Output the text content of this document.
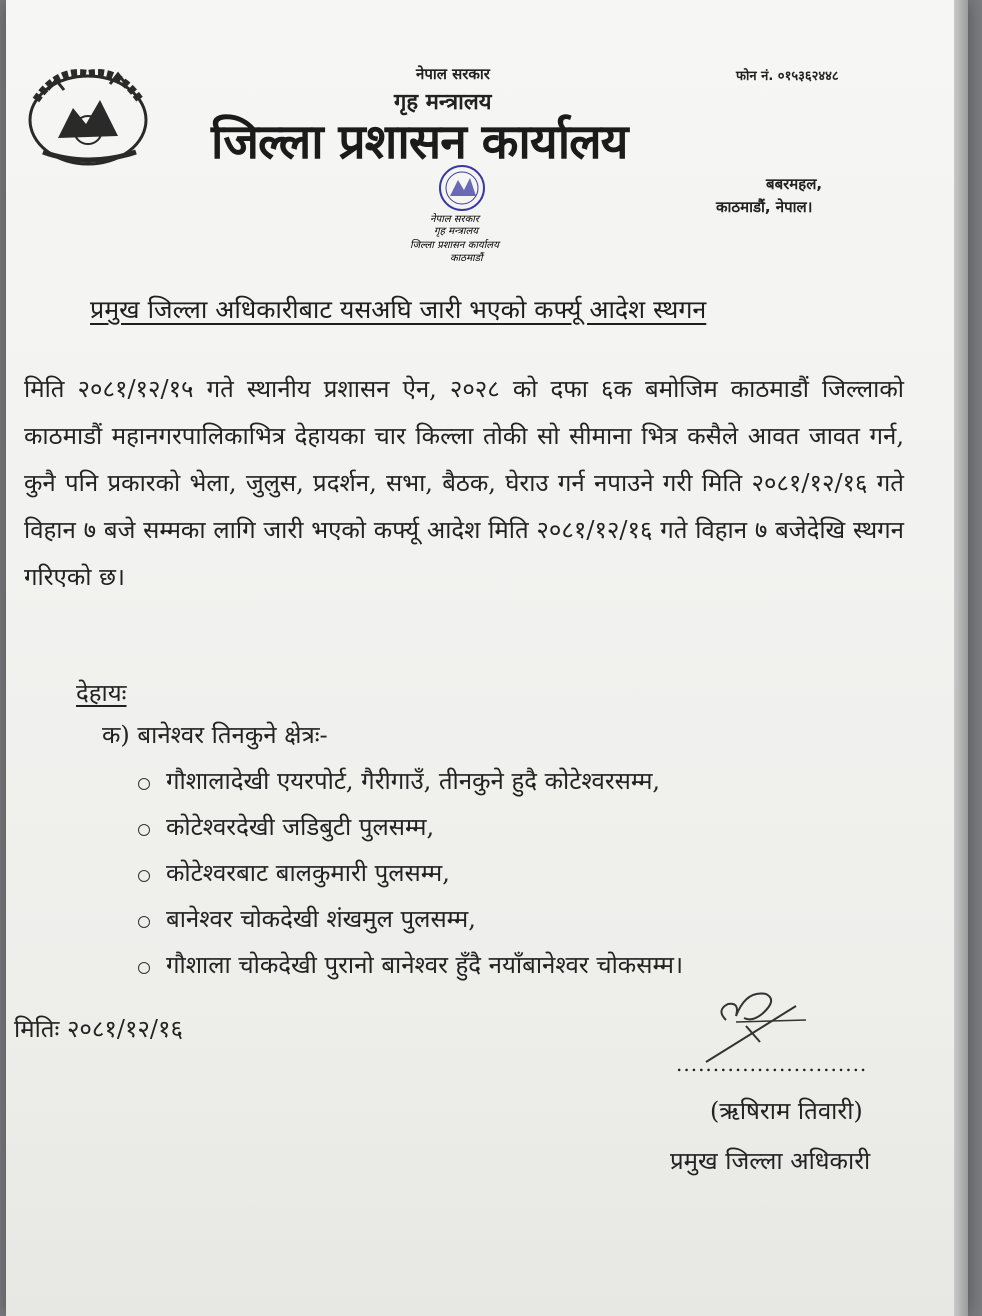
नेपाल सरकार
गृह मन्त्रालय
जिल्ला प्रशासन कार्यालय
फोन नं. ०१५३६२४४८
बबरमहल,
काठमाडौं, नेपाल।
नेपाल सरकार
गृह मन्त्रालय
जिल्ला प्रशासन कार्यालय
काठमाडौं
प्रमुख जिल्ला अधिकारीबाट यसअघि जारी भएको कर्फ्यू आदेश स्थगन
मिति २०८१/१२/१५ गते स्थानीय प्रशासन ऐन, २०२८ को दफा ६क बमोजिम काठमाडौं जिल्लाको काठमाडौं महानगरपालिकाभित्र देहायका चार किल्ला तोकी सो सीमाना भित्र कसैले आवत जावत गर्न, कुनै पनि प्रकारको भेला, जुलुस, प्रदर्शन, सभा, बैठक, घेराउ गर्न नपाउने गरी मिति २०८१/१२/१६ गते विहान ७ बजे सम्मका लागि जारी भएको कर्फ्यू आदेश मिति २०८१/१२/१६ गते विहान ७ बजेदेखि स्थगन गरिएको छ।
देहायः
क) बानेश्वर तिनकुने क्षेत्रः-
गौशालादेखी एयरपोर्ट, गैरीगाउँ, तीनकुने हुदै कोटेश्वरसम्म,
कोटेश्वरदेखी जडिबुटी पुलसम्म,
कोटेश्वरबाट बालकुमारी पुलसम्म,
बानेश्वर चोकदेखी शंखमुल पुलसम्म,
गौशाला चोकदेखी पुरानो बानेश्वर हुँदै नयाँबानेश्वर चोकसम्म।
मितिः २०८१/१२/१६
..........................
(ऋषिराम तिवारी)
प्रमुख जिल्ला अधिकारी
